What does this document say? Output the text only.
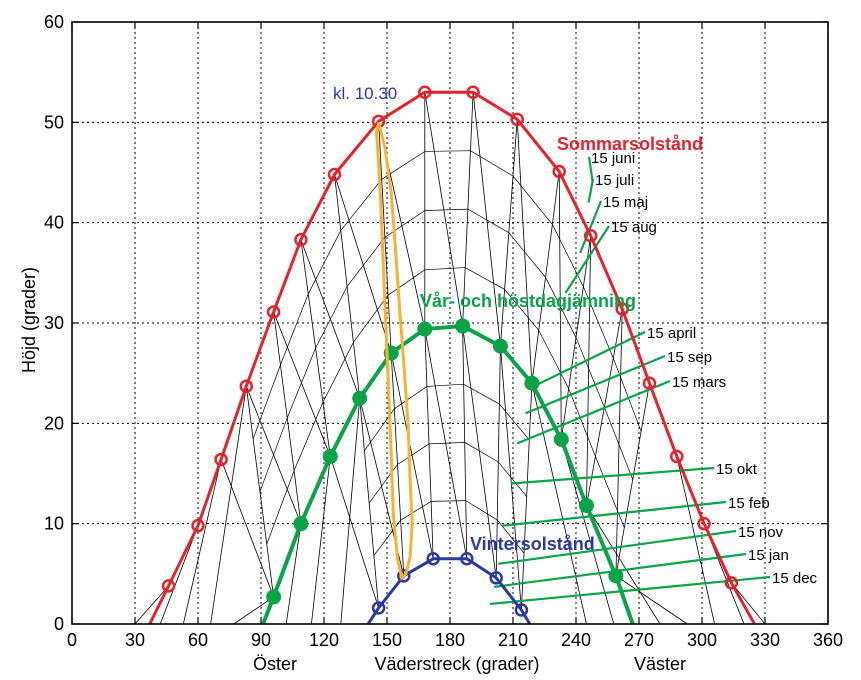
0	30 60 90 120 150 180 210 240 270 300 330 360
0
10
20
30
40
50
60
Höjd (grader)
Väderstreck (grader)
Öster	Väster
Sommarsolstånd
Vår- och höstdagjämning
Vintersolstånd
kl. 10.30
15 juni
15 juli
15 maj
15 aug
15 april
15 sep
15 mars
15 okt
15 feb
15 nov
15 jan
15 dec
